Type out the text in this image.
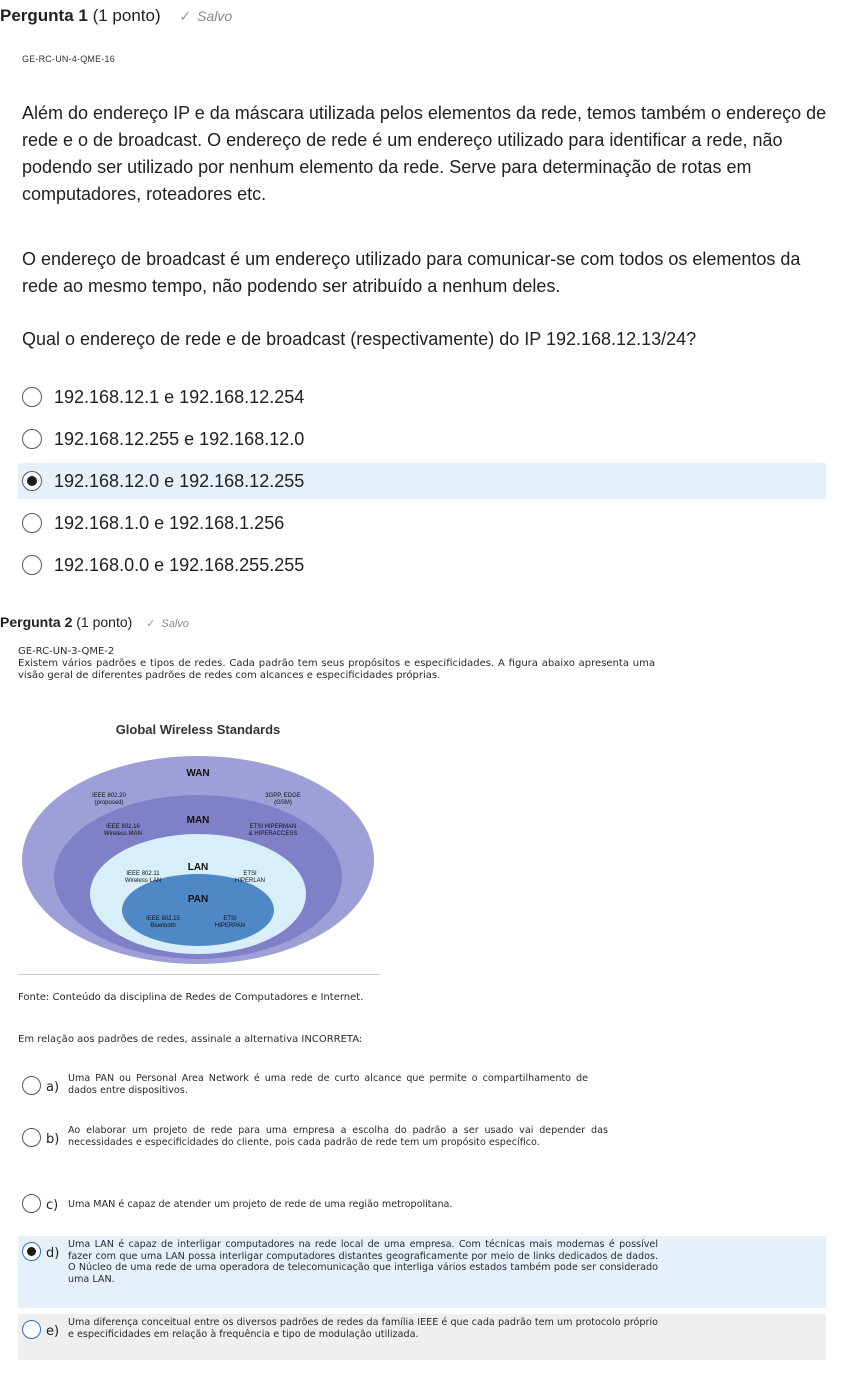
Pergunta 1 (1 ponto) ✓ Salvo
GE-RC-UN-4-QME-16
Além do endereço IP e da máscara utilizada pelos elementos da rede, temos também o endereço de rede e o de broadcast. O endereço de rede é um endereço utilizado para identificar a rede, não podendo ser utilizado por nenhum elemento da rede. Serve para determinação de rotas em computadores, roteadores etc.
O endereço de broadcast é um endereço utilizado para comunicar-se com todos os elementos da rede ao mesmo tempo, não podendo ser atribuído a nenhum deles.
Qual o endereço de rede e de broadcast (respectivamente) do IP 192.168.12.13/24?
192.168.12.1 e 192.168.12.254
192.168.12.255 e 192.168.12.0
192.168.12.0 e 192.168.12.255
192.168.1.0 e 192.168.1.256
192.168.0.0 e 192.168.255.255
Pergunta 2 (1 ponto) ✓ Salvo
GE-RC-UN-3-QME-2
Existem vários padrões e tipos de redes. Cada padrão tem seus propósitos e especificidades. A figura abaixo apresenta uma visão geral de diferentes padrões de redes com alcances e especificidades próprias.
Global Wireless Standards
WAN
MAN
LAN
PAN
IEEE 802.20
(proposed)
3GPP, EDGE
(GSM)
IEEE 802.16
Wireless MAN
ETSI HIPERMAN
& HIPERACCESS
IEEE 802.11
Wireless LAN
ETSI
HIPERLAN
IEEE 802.15
Bluetooth
ETSI
HIPERPAN
Fonte: Conteúdo da disciplina de Redes de Computadores e Internet.
Em relação aos padrões de redes, assinale a alternativa INCORRETA:
a)
Uma PAN ou Personal Area Network é uma rede de curto alcance que permite o compartilhamento de dados entre dispositivos.
b)
Ao elaborar um projeto de rede para uma empresa a escolha do padrão a ser usado vai depender das necessidades e especificidades do cliente, pois cada padrão de rede tem um propósito específico.
c)	Uma MAN é capaz de atender um projeto de rede de uma região metropolitana.
d)
Uma LAN é capaz de interligar computadores na rede local de uma empresa. Com técnicas mais modernas é possível fazer com que uma LAN possa interligar computadores distantes geograficamente por meio de links dedicados de dados. O Núcleo de uma rede de uma operadora de telecomunicação que interliga vários estados também pode ser considerado uma LAN.
e)
Uma diferença conceitual entre os diversos padrões de redes da família IEEE é que cada padrão tem um protocolo próprio e especificidades em relação à frequência e tipo de modulação utilizada.
